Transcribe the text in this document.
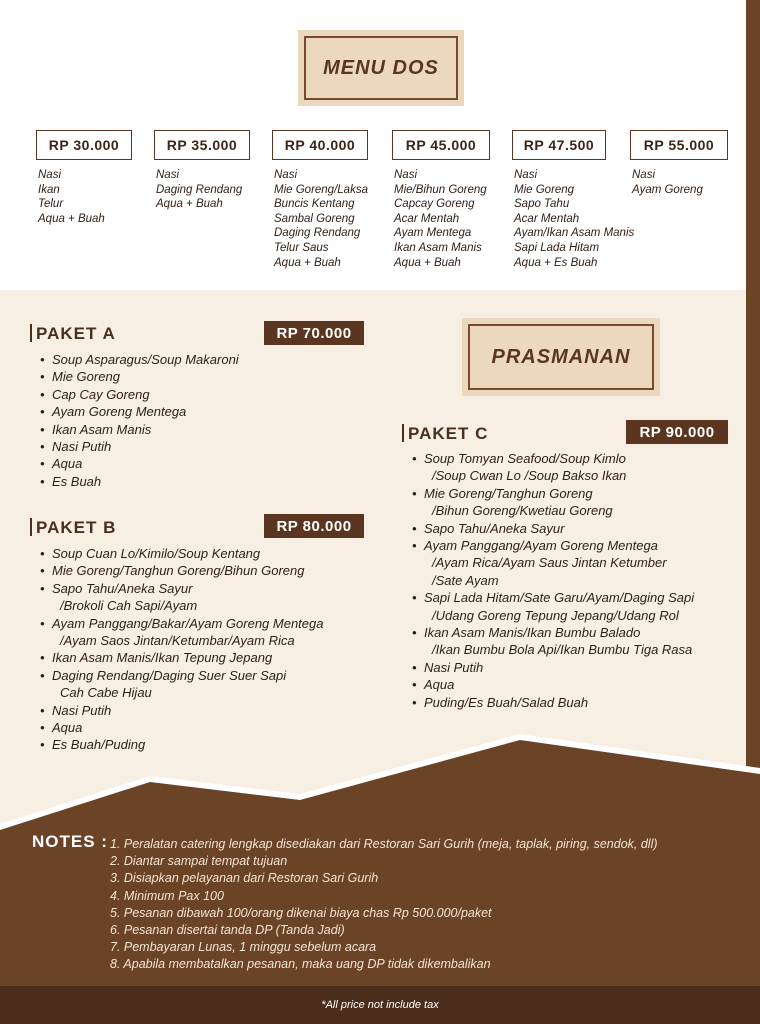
MENU DOS
RP 30.000
Nasi
Ikan
Telur
Aqua + Buah
RP 35.000
Nasi
Daging Rendang
Aqua + Buah
RP 40.000
Nasi
Mie Goreng/Laksa
Buncis Kentang
Sambal Goreng
Daging Rendang
Telur Saus
Aqua + Buah
RP 45.000
Nasi
Mie/Bihun Goreng
Capcay Goreng
Acar Mentah
Ayam Mentega
Ikan Asam Manis
Aqua + Buah
RP 47.500
Nasi
Mie Goreng
Sapo Tahu
Acar Mentah
Ayam/Ikan Asam Manis
Sapi Lada Hitam
Aqua + Es Buah
RP 55.000
Nasi
Ayam Goreng
PRASMANAN
PAKET A	RP 70.000
• Soup Asparagus/Soup Makaroni
• Mie Goreng
• Cap Cay Goreng
• Ayam Goreng Mentega
• Ikan Asam Manis
• Nasi Putih
• Aqua
• Es Buah
PAKET B	RP 80.000
• Soup Cuan Lo/Kimilo/Soup Kentang
• Mie Goreng/Tanghun Goreng/Bihun Goreng
• Sapo Tahu/Aneka Sayur
/Brokoli Cah Sapi/Ayam
• Ayam Panggang/Bakar/Ayam Goreng Mentega
/Ayam Saos Jintan/Ketumbar/Ayam Rica
• Ikan Asam Manis/Ikan Tepung Jepang
• Daging Rendang/Daging Suer Suer Sapi
Cah Cabe Hijau
• Nasi Putih
• Aqua
• Es Buah/Puding
PAKET C	RP 90.000
• Soup Tomyan Seafood/Soup Kimlo
/Soup Cwan Lo /Soup Bakso Ikan
• Mie Goreng/Tanghun Goreng
/Bihun Goreng/Kwetiau Goreng
• Sapo Tahu/Aneka Sayur
• Ayam Panggang/Ayam Goreng Mentega
/Ayam Rica/Ayam Saus Jintan Ketumber
/Sate Ayam
• Sapi Lada Hitam/Sate Garu/Ayam/Daging Sapi
/Udang Goreng Tepung Jepang/Udang Rol
• Ikan Asam Manis/Ikan Bumbu Balado
/Ikan Bumbu Bola Api/Ikan Bumbu Tiga Rasa
• Nasi Putih
• Aqua
• Puding/Es Buah/Salad Buah
NOTES : 1. Peralatan catering lengkap disediakan dari Restoran Sari Gurih (meja, taplak, piring, sendok, dll)
2. Diantar sampai tempat tujuan
3. Disiapkan pelayanan dari Restoran Sari Gurih
4. Minimum Pax 100
5. Pesanan dibawah 100/orang dikenai biaya chas Rp 500.000/paket
6. Pesanan disertai tanda DP (Tanda Jadi)
7. Pembayaran Lunas, 1 minggu sebelum acara
8. Apabila membatalkan pesanan, maka uang DP tidak dikembalikan
*All price not include tax
